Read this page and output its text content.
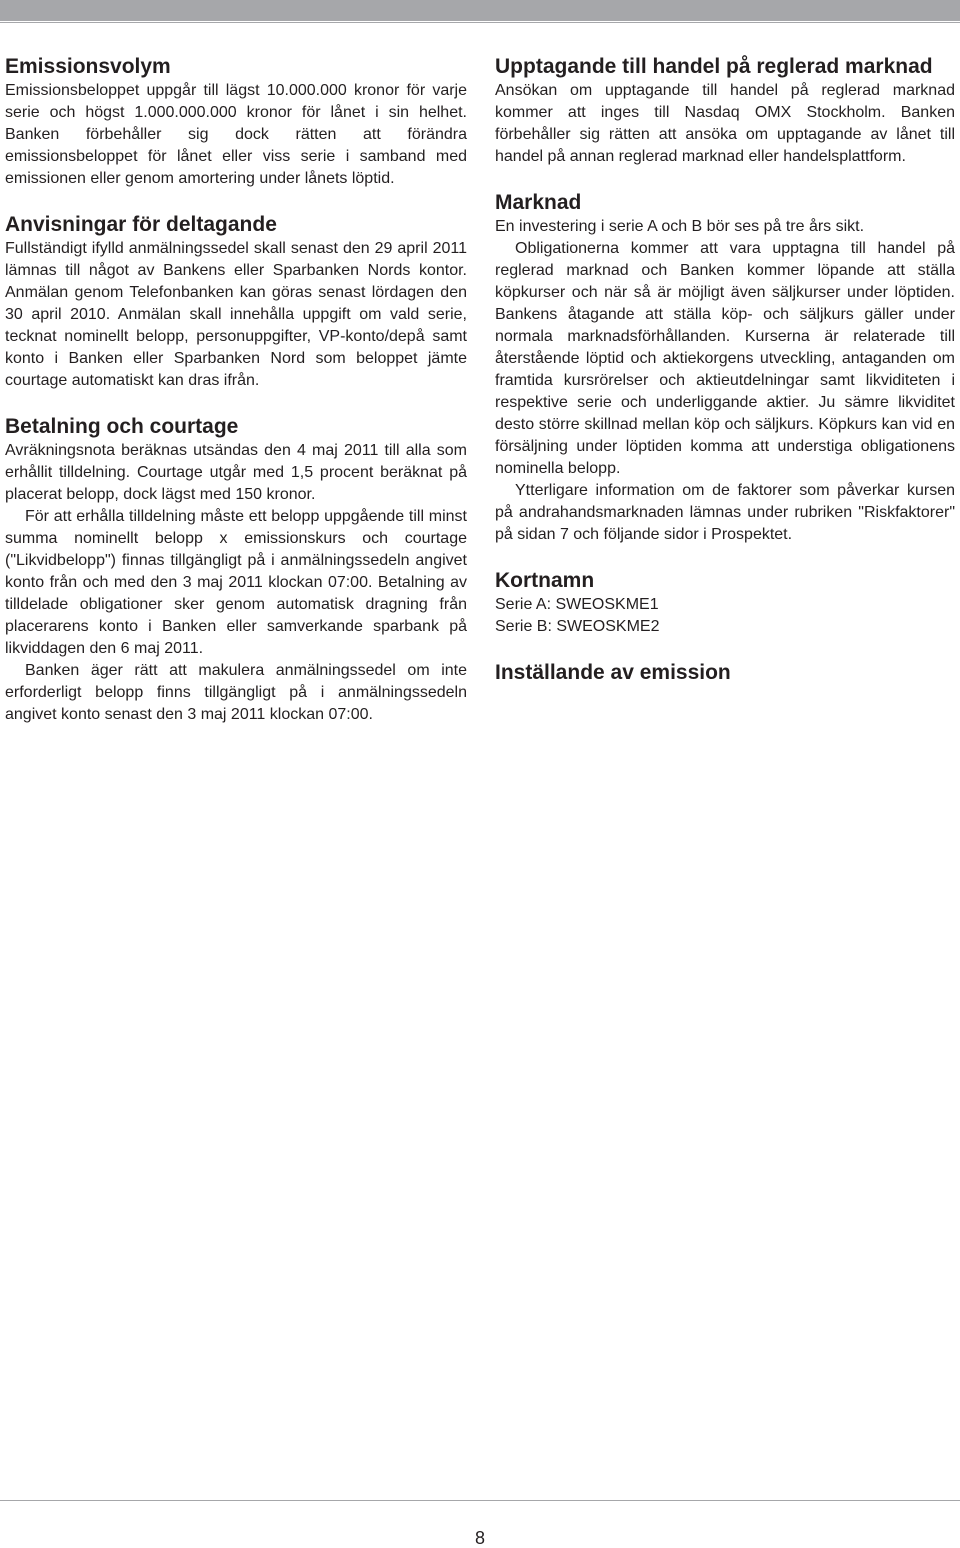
Emissionsvolym

Emissionsbeloppet uppgår till lägst 10.000.000 kronor för varje serie och högst 1.000.000.000 kronor för lånet i sin helhet. Banken förbehåller sig dock rätten att förändra emissionsbeloppet för lånet eller viss serie i samband med emissionen eller genom amortering under lånets löptid.

Anvisningar för deltagande

Fullständigt ifylld anmälningssedel skall senast den 29 april 2011 lämnas till något av Bankens eller Sparbanken Nords kontor. Anmälan genom Telefonbanken kan göras senast lördagen den 30 april 2010. Anmälan skall innehålla uppgift om vald serie, tecknat nominellt belopp, personuppgifter, VP-konto/depå samt konto i Banken eller Sparbanken Nord som beloppet jämte courtage automatiskt kan dras ifrån.

Betalning och courtage

Avräkningsnota beräknas utsändas den 4 maj 2011 till alla som erhållit tilldelning. Courtage utgår med 1,5 procent beräknat på placerat belopp, dock lägst med 150 kronor.

För att erhålla tilldelning måste ett belopp uppgående till minst summa nominellt belopp x emissionskurs och courtage ("Likvidbelopp") finnas tillgängligt på i anmälningssedeln angivet konto från och med den 3 maj 2011 klockan 07:00. Betalning av tilldelade obligationer sker genom automatisk dragning från placerarens konto i Banken eller samverkande sparbank på likviddagen den 6 maj 2011.

Banken äger rätt att makulera anmälningssedel om inte erforderligt belopp finns tillgängligt på i anmälningssedeln angivet konto senast den 3 maj 2011 klockan 07:00.

Upptagande till handel på reglerad marknad

Ansökan om upptagande till handel på reglerad marknad kommer att inges till Nasdaq OMX Stockholm. Banken förbehåller sig rätten att ansöka om upptagande av lånet till handel på annan reglerad marknad eller handelsplattform.

Marknad

En investering i serie A och B bör ses på tre års sikt.

Obligationerna kommer att vara upptagna till handel på reglerad marknad och Banken kommer löpande att ställa köpkurser och när så är möjligt även säljkurser under löptiden. Bankens åtagande att ställa köp- och säljkurs gäller under normala marknadsförhållanden. Kurserna är relaterade till återstående löptid och aktiekorgens utveckling, antaganden om framtida kursrörelser och aktieutdelningar samt likviditeten i respektive serie och underliggande aktier. Ju sämre likviditet desto större skillnad mellan köp och säljkurs. Köpkurs kan vid en försäljning under löptiden komma att understiga obligationens nominella belopp.

Ytterligare information om de faktorer som påverkar kursen på andrahandsmarknaden lämnas under rubriken "Riskfaktorer" på sidan 7 och följande sidor i Prospektet.

Kortnamn
Serie A: SWEOSKME1
Serie B: SWEOSKME2
Inställande av emission
8
